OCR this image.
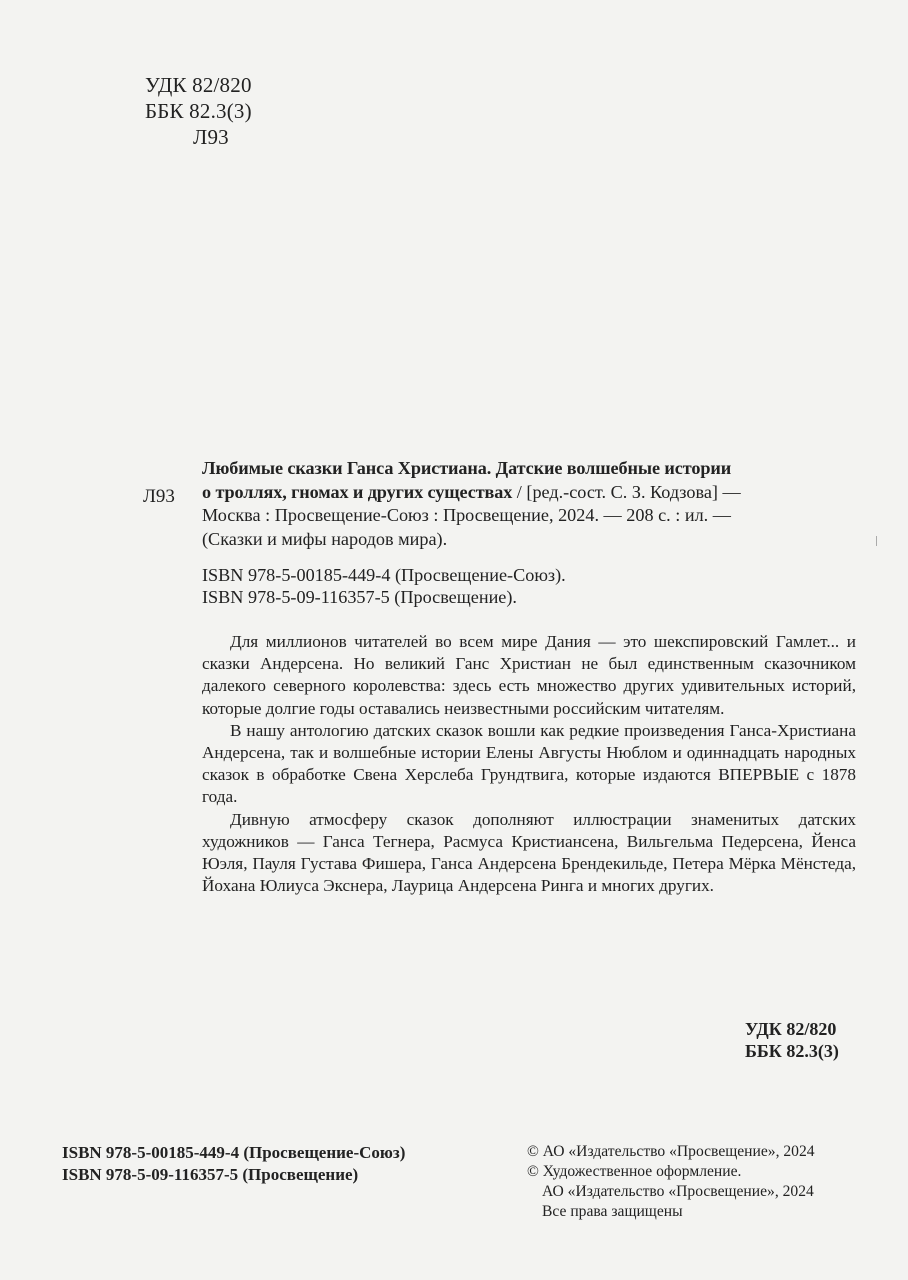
УДК 82/820
ББК 82.3(3)
Л93
Л93
Любимые сказки Ганса Христиана. Датские волшебные истории
о троллях, гномах и других существах / [ред.-сост. С. З. Кодзова] —
Москва : Просвещение-Союз : Просвещение, 2024. — 208 с. : ил. —
(Сказки и мифы народов мира).
ISBN 978-5-00185-449-4 (Просвещение-Союз).
ISBN 978-5-09-116357-5 (Просвещение).

Для миллионов читателей во всем мире Дания — это шекспировский Гамлет... и сказки Андерсена. Но великий Ганс Христиан не был единственным сказочником далекого северного королевства: здесь есть множество других удивительных историй, которые долгие годы оставались неизвестными российским читателям.

В нашу антологию датских сказок вошли как редкие произведения Ганса-Христиана Андерсена, так и волшебные истории Елены Августы Нюблом и одиннадцать народных сказок в обработке Свена Херслеба Грундтвига, которые издаются ВПЕРВЫЕ с 1878 года.

Дивную атмосферу сказок дополняют иллюстрации знаменитых датских художников — Ганса Тегнера, Расмуса Кристиансена, Вильгельма Педерсена, Йенса Юэля, Пауля Густава Фишера, Ганса Андерсена Брендекильде, Петера Мёрка Мёнстеда, Йохана Юлиуса Экснера, Лаурица Андерсена Ринга и многих других.

УДК 82/820
ББК 82.3(3)
ISBN 978-5-00185-449-4 (Просвещение-Союз)
ISBN 978-5-09-116357-5 (Просвещение)
© АО «Издательство «Просвещение», 2024
© Художественное оформление.
АО «Издательство «Просвещение», 2024
Все права защищены
